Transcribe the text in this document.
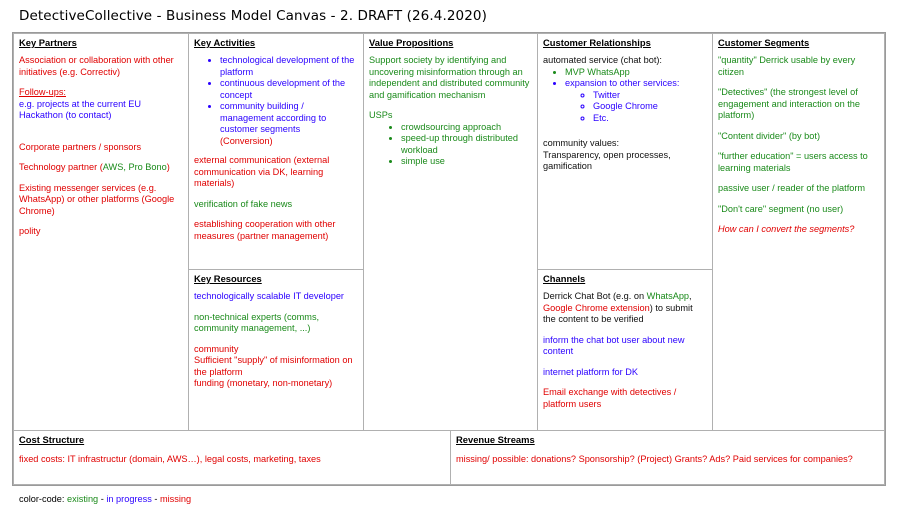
DetectiveCollective - Business Model Canvas - 2. DRAFT (26.4.2020)
Key Partners

Association or collaboration with other initiatives (e.g. Correctiv)

Follow-ups:

e.g. projects at the current EU

Hackathon (to contact)

Corporate partners / sponsors

Technology partner (AWS, Pro Bono)

Existing messenger services (e.g. WhatsApp) or other platforms (Google Chrome)

polity

Key Activities
• technological development of the platform
• continuous development of the concept
• community building / management according to customer segments
(Conversion)

external communication (external communication via DK, learning materials)

verification of fake news

establishing cooperation with other measures (partner management)

Key Resources

technologically scalable IT developer

non-technical experts (comms, community management, ...)

community

Sufficient "supply" of misinformation on the platform

funding (monetary, non-monetary)

Value Propositions

Support society by identifying and uncovering misinformation through an independent and distributed community and gamification mechanism

USPs

• crowdsourcing approach
• speed-up through distributed workload
• simple use
Customer Relationships

automated service (chat bot):

• MVP WhatsApp
• expansion to other services:
◦ Twitter
◦ Google Chrome
◦ Etc.

community values:

Transparency, open processes, gamification

Channels

Derrick Chat Bot (e.g. on WhatsApp, Google Chrome extension) to submit the content to be verified

inform the chat bot user about new content

internet platform for DK

Email exchange with detectives / platform users

Customer Segments

"quantity" Derrick usable by every citizen

"Detectives" (the strongest level of engagement and interaction on the platform)

"Content divider" (by bot)

"further education" = users access to learning materials

passive user / reader of the platform

"Don't care" segment (no user)

How can I convert the segments?

Cost Structure

fixed costs: IT infrastructur (domain, AWS…), legal costs, marketing, taxes

Revenue Streams

missing/ possible: donations? Sponsorship? (Project) Grants? Ads? Paid services for companies?

color-code: existing - in progress - missing
